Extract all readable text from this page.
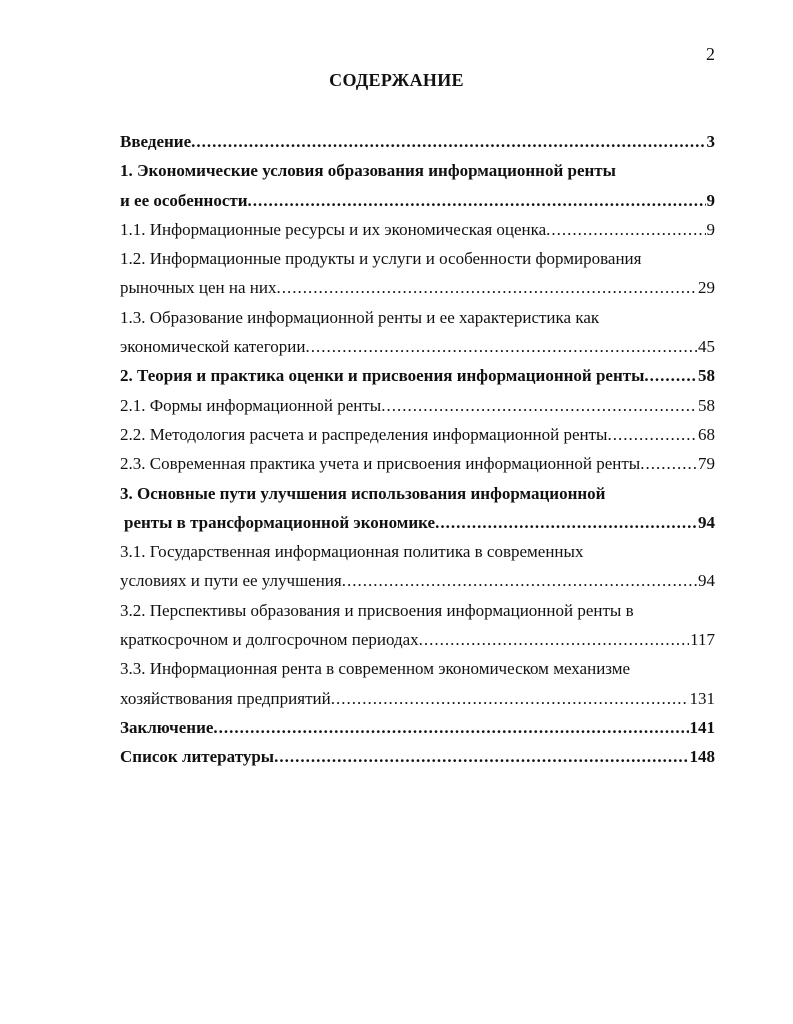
2
СОДЕРЖАНИЕ
Введение .....	3
1. Экономические условия образования информационной ренты
и ее особенности .....	9
1.1. Информационные ресурсы и их экономическая оценка .....	9
1.2. Информационные продукты и услуги и особенности формирования
рыночных цен на них .....	29
1.3. Образование информационной ренты и ее характеристика как
экономической категории .....	45
2. Теория и практика оценки и присвоения информационной ренты .....	58
2.1. Формы информационной ренты .....	58
2.2. Методология расчета и распределения информационной ренты .....	68
2.3. Современная практика учета и присвоения информационной ренты .....	79
3. Основные пути улучшения использования информационной
ренты в трансформационной экономике .....	94
3.1. Государственная информационная политика в современных
условиях и пути ее улучшения .....	94
3.2. Перспективы образования и присвоения информационной ренты в
краткосрочном и долгосрочном периодах .....	117
3.3. Информационная рента в современном экономическом механизме
хозяйствования предприятий .....	131
Заключение .....	141
Список литературы .....	148
